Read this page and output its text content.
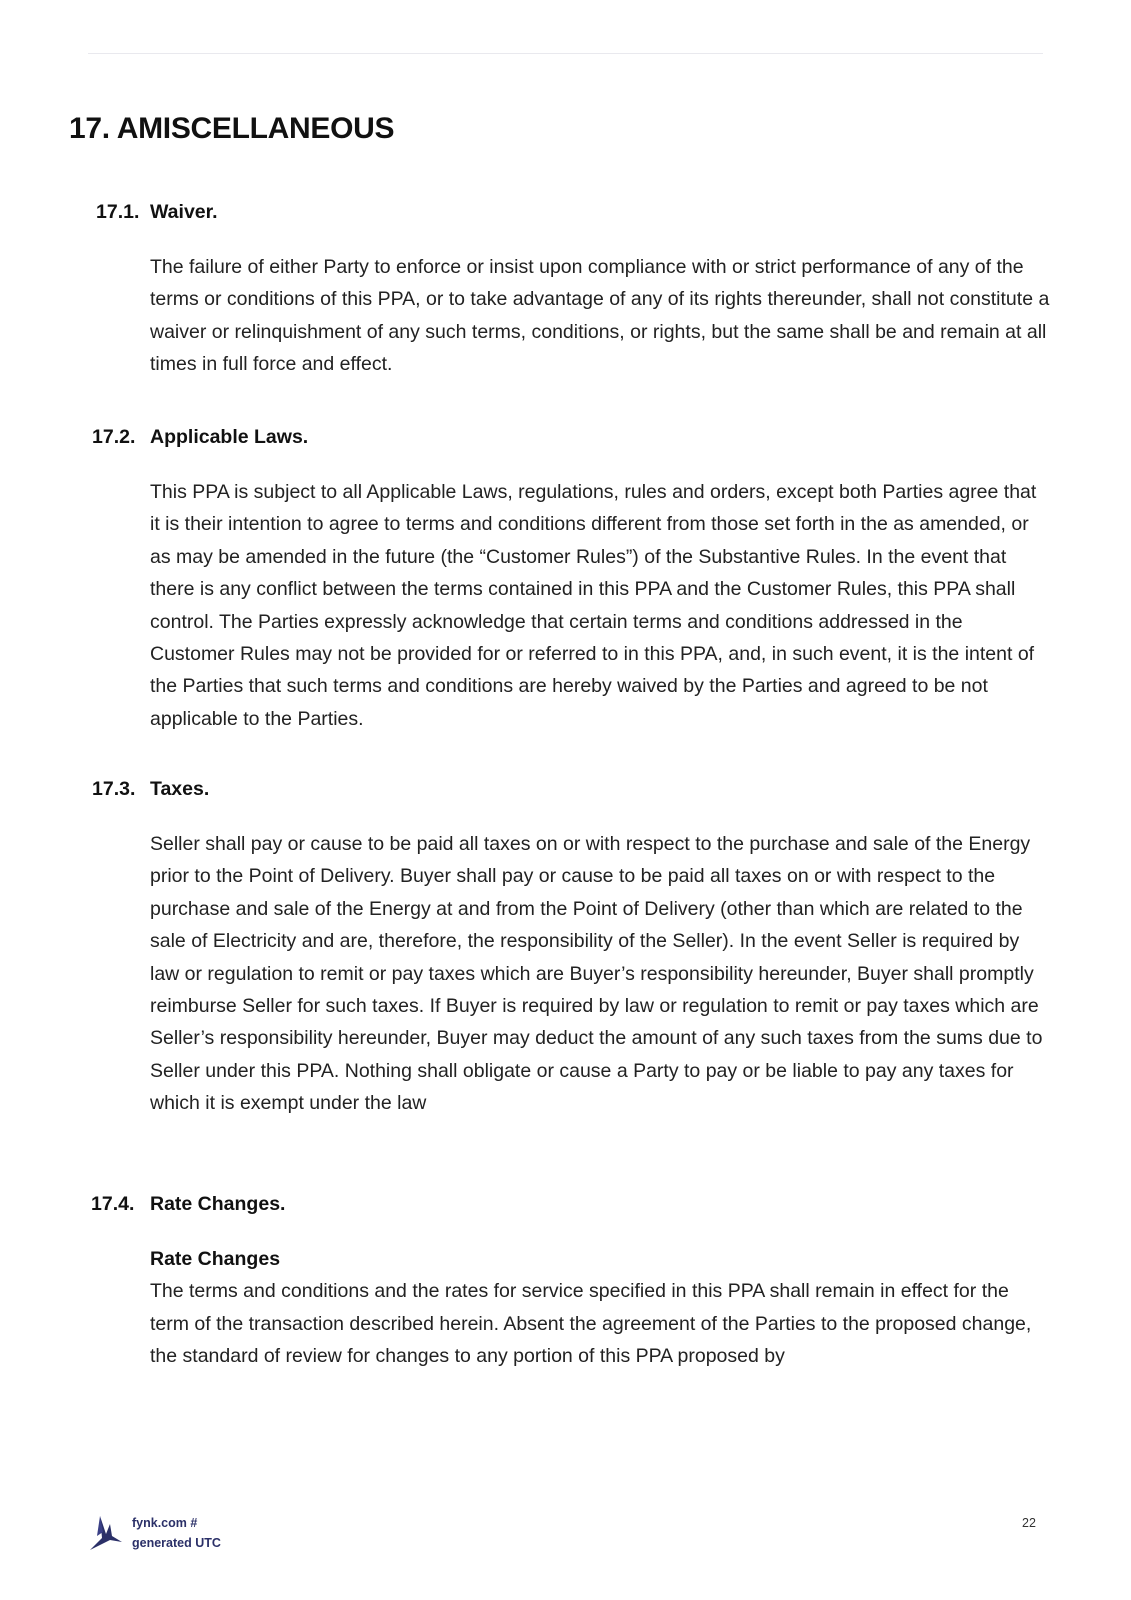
17. AMISCELLANEOUS
17.1. Waiver.

The failure of either Party to enforce or insist upon compliance with or strict performance of any of the terms or conditions of this PPA, or to take advantage of any of its rights thereunder, shall not constitute a waiver or relinquishment of any such terms, conditions, or rights, but the same shall be and remain at all times in full force and effect.

17.2. Applicable Laws.

This PPA is subject to all Applicable Laws, regulations, rules and orders, except both Parties agree that it is their intention to agree to terms and conditions different from those set forth in the as amended, or as may be amended in the future (the “Customer Rules”) of the Substantive Rules. In the event that there is any conflict between the terms contained in this PPA and the Customer Rules, this PPA shall control. The Parties expressly acknowledge that certain terms and conditions addressed in the Customer Rules may not be provided for or referred to in this PPA, and, in such event, it is the intent of the Parties that such terms and conditions are hereby waived by the Parties and agreed to be not applicable to the Parties.

17.3. Taxes.

Seller shall pay or cause to be paid all taxes on or with respect to the purchase and sale of the Energy prior to the Point of Delivery. Buyer shall pay or cause to be paid all taxes on or with respect to the purchase and sale of the Energy at and from the Point of Delivery (other than which are related to the sale of Electricity and are, therefore, the responsibility of the Seller). In the event Seller is required by law or regulation to remit or pay taxes which are Buyer’s responsibility hereunder, Buyer shall promptly reimburse Seller for such taxes. If Buyer is required by law or regulation to remit or pay taxes which are Seller’s responsibility hereunder, Buyer may deduct the amount of any such taxes from the sums due to Seller under this PPA. Nothing shall obligate or cause a Party to pay or be liable to pay any taxes for which it is exempt under the law

17.4. Rate Changes.

Rate Changes

The terms and conditions and the rates for service specified in this PPA shall remain in effect for the term of the transaction described herein. Absent the agreement of the Parties to the proposed change, the standard of review for changes to any portion of this PPA proposed by

fynk.com #
generated UTC
22
